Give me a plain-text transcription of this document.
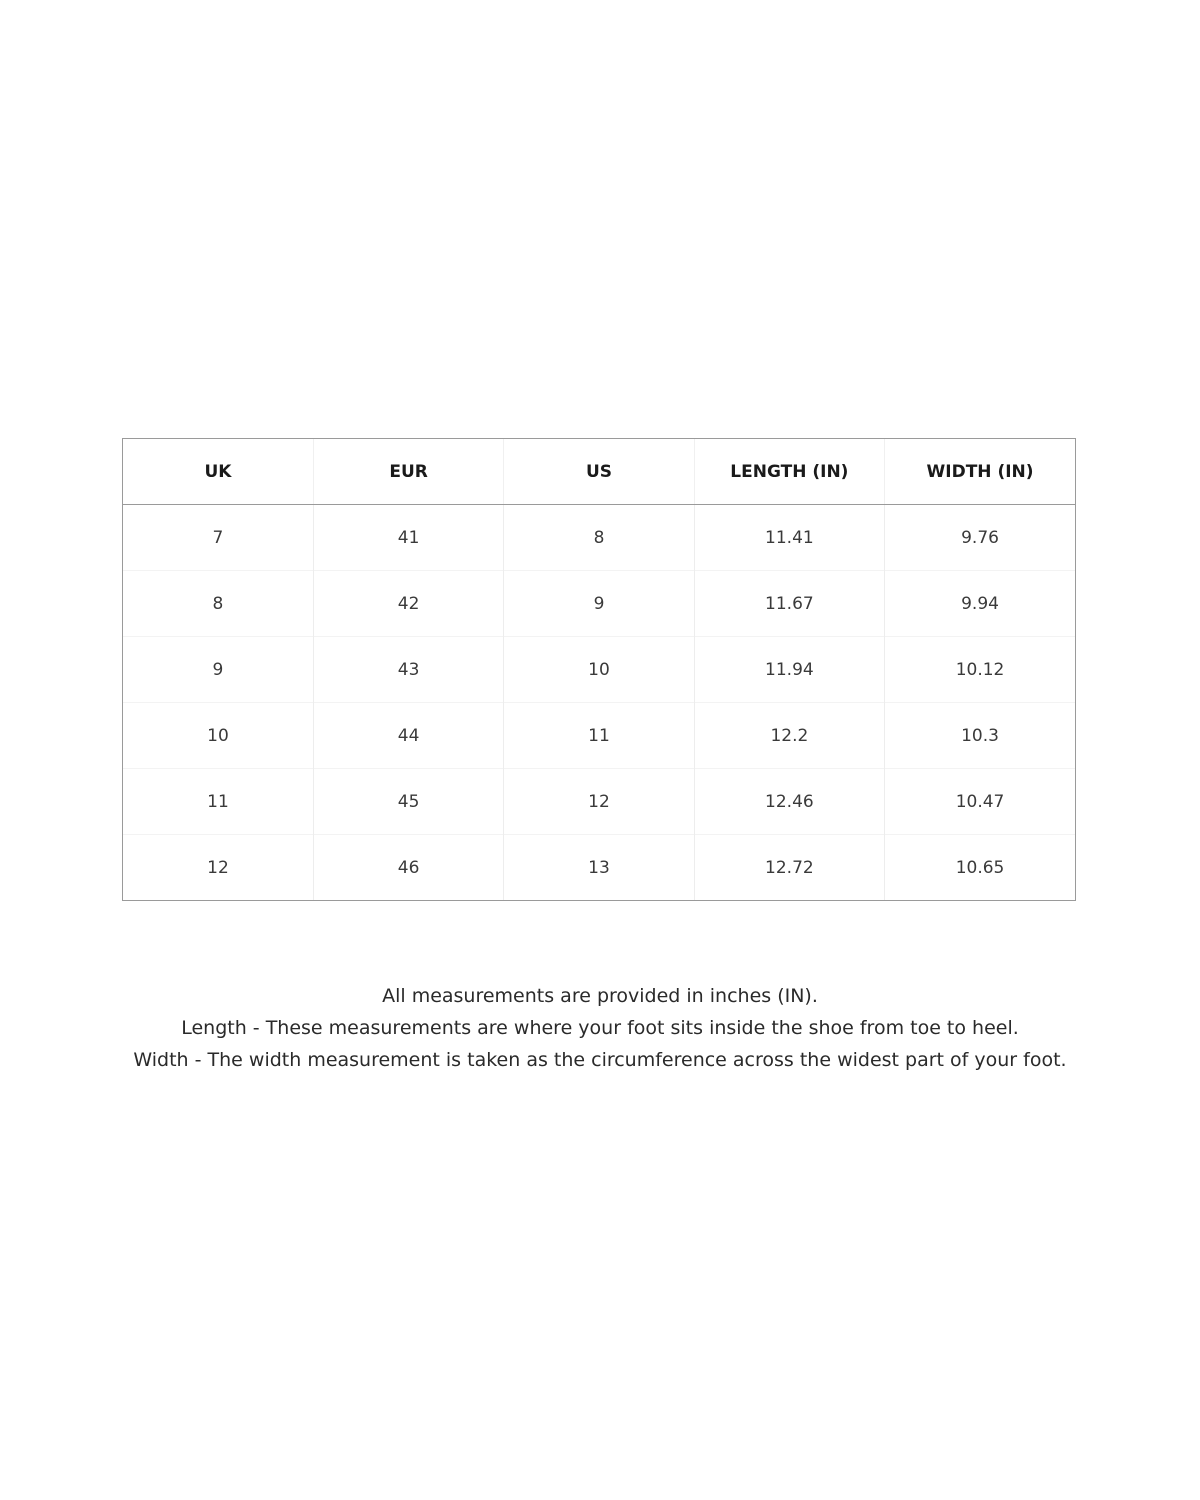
UK	EUR	US	LENGTH (IN)	WIDTH (IN)
7	41	8	11.41	9.76
8	42	9	11.67	9.94
9	43	10	11.94	10.12
10	44	11	12.2	10.3
11	45	12	12.46	10.47
12	46	13	12.72	10.65

All measurements are provided in inches (IN).

Length - These measurements are where your foot sits inside the shoe from toe to heel.

Width - The width measurement is taken as the circumference across the widest part of your foot.
